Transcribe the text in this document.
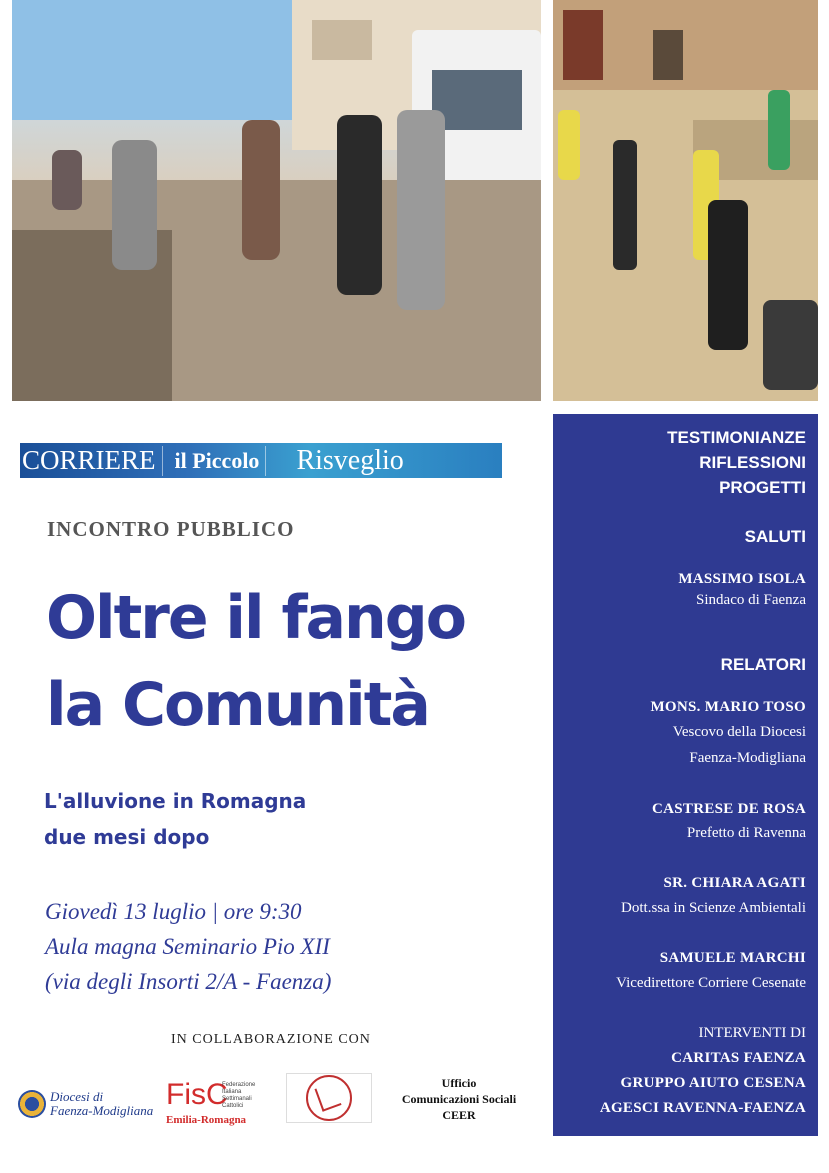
CORRIERE il Piccolo Risveglio
INCONTRO PUBBLICO
Oltre il fango
la Comunità
L'alluvione in Romagna
due mesi dopo
Giovedì 13 luglio | ore 9:30
Aula magna Seminario Pio XII
(via degli Insorti 2/A - Faenza)
IN COLLABORAZIONE CON
Diocesi di
Faenza-Modigliana FisC
Federazione Italiana Settimanali Cattolici
Emilia-Romagna
Ufficio
Comunicazioni Sociali
CEER
TESTIMONIANZE
RIFLESSIONI
PROGETTI
SALUTI
MASSIMO ISOLA
Sindaco di Faenza
RELATORI
MONS. MARIO TOSO
Vescovo della Diocesi
Faenza-Modigliana
CASTRESE DE ROSA
Prefetto di Ravenna
SR. CHIARA AGATI
Dott.ssa in Scienze Ambientali
SAMUELE MARCHI
Vicedirettore Corriere Cesenate
INTERVENTI DI
CARITAS FAENZA
GRUPPO AIUTO CESENA
AGESCI RAVENNA-FAENZA
